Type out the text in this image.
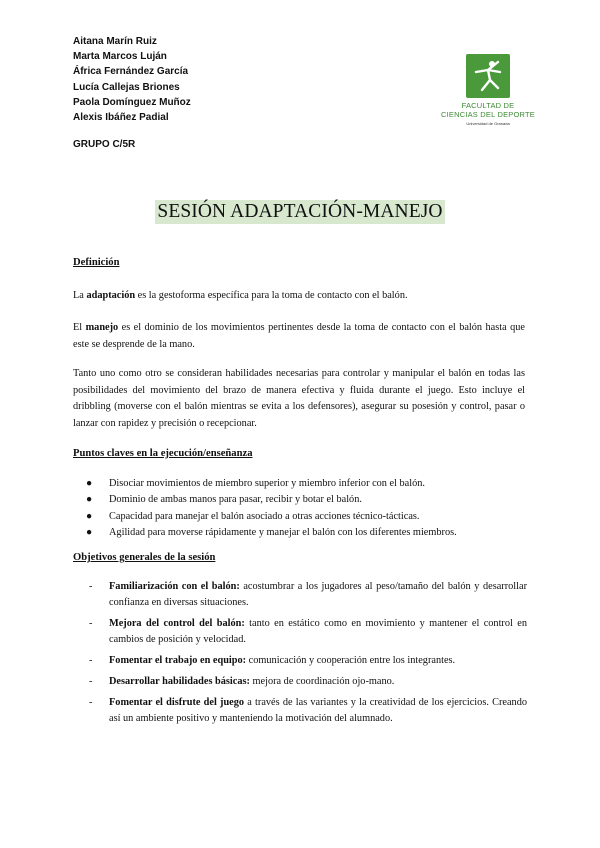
Aitana Marín Ruiz
Marta Marcos Luján
África Fernández García
Lucía Callejas Briones
Paola Domínguez Muñoz
Alexis Ibáñez Padial
GRUPO C/5R
FACULTAD DE
CIENCIAS DEL DEPORTE
Universidad de Granada
SESIÓN ADAPTACIÓN-MANEJO
Definición
La adaptación es la gestoforma específica para la toma de contacto con el balón.
El manejo es el dominio de los movimientos pertinentes desde la toma de contacto con el balón hasta que este se desprende de la mano.
Tanto uno como otro se consideran habilidades necesarias para controlar y manipular el balón en todas las posibilidades del movimiento del brazo de manera efectiva y fluida durante el juego. Esto incluye el dribbling (moverse con el balón mientras se evita a los defensores), asegurar su posesión y control, pasar o lanzar con rapidez y precisión o recepcionar.
Puntos claves en la ejecución/enseñanza
● Disociar movimientos de miembro superior y miembro inferior con el balón.
● Dominio de ambas manos para pasar, recibir y botar el balón.
● Capacidad para manejar el balón asociado a otras acciones técnico-tácticas.
● Agilidad para moverse rápidamente y manejar el balón con los diferentes miembros.
Objetivos generales de la sesión
- Familiarización con el balón: acostumbrar a los jugadores al peso/tamaño del balón y desarrollar confianza en diversas situaciones.
- Mejora del control del balón: tanto en estático como en movimiento y mantener el control en cambios de posición y velocidad.
- Fomentar el trabajo en equipo: comunicación y cooperación entre los integrantes.
- Desarrollar habilidades básicas: mejora de coordinación ojo-mano.
- Fomentar el disfrute del juego a través de las variantes y la creatividad de los ejercicios. Creando así un ambiente positivo y manteniendo la motivación del alumnado.
